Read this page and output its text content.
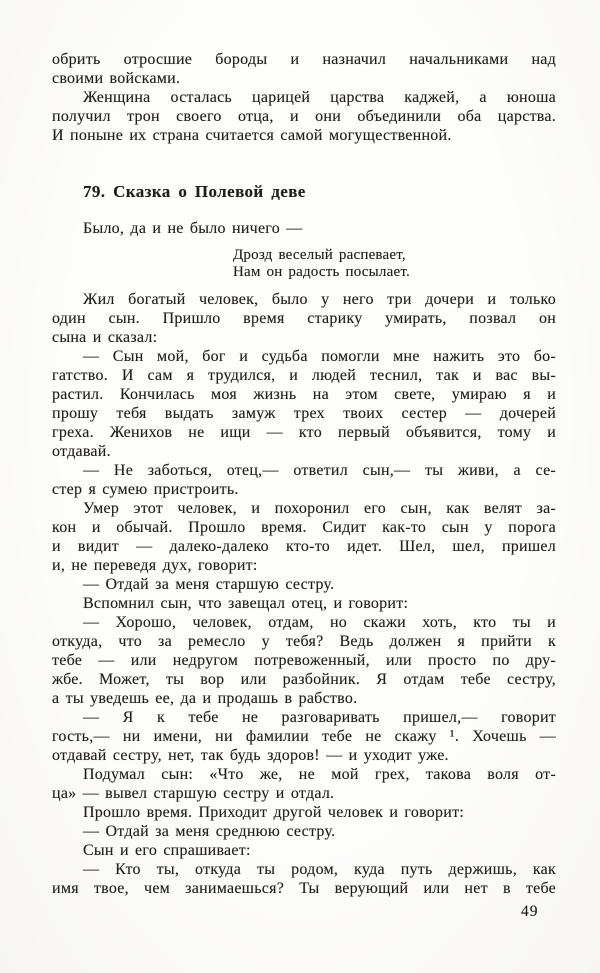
обрить отросшие бороды и назначил начальниками над
своими войсками.
Женщина осталась царицей царства каджей, а юноша
получил трон своего отца, и они объединили оба царства.
И поныне их страна считается самой могущественной.
79. Сказка о Полевой деве
Было, да и не было ничего —
Дрозд веселый распевает,
Нам он радость посылает.
Жил богатый человек, было у него три дочери и только
один сын. Пришло время старику умирать, позвал он
сына и сказал:
— Сын мой, бог и судьба помогли мне нажить это бо-
гатство. И сам я трудился, и людей теснил, так и вас вы-
растил. Кончилась моя жизнь на этом свете, умираю я и
прошу тебя выдать замуж трех твоих сестер — дочерей
греха. Женихов не ищи — кто первый объявится, тому и
отдавай.
— Не заботься, отец,— ответил сын,— ты живи, а се-
стер я сумею пристроить.
Умер этот человек, и похоронил его сын, как велят за-
кон и обычай. Прошло время. Сидит как-то сын у порога
и видит — далеко-далеко кто-то идет. Шел, шел, пришел
и, не переведя дух, говорит:
— Отдай за меня старшую сестру.
Вспомнил сын, что завещал отец, и говорит:
— Хорошо, человек, отдам, но скажи хоть, кто ты и
откуда, что за ремесло у тебя? Ведь должен я прийти к
тебе — или недругом потревоженный, или просто по дру-
жбе. Может, ты вор или разбойник. Я отдам тебе сестру,
а ты уведешь ее, да и продашь в рабство.
— Я к тебе не разговаривать пришел,— говорит
гость,— ни имени, ни фамилии тебе не скажу ¹. Хочешь —
отдавай сестру, нет, так будь здоров! — и уходит уже.
Подумал сын: «Что же, не мой грех, такова воля от-
ца» — вывел старшую сестру и отдал.
Прошло время. Приходит другой человек и говорит:
— Отдай за меня среднюю сестру.
Сын и его спрашивает:
— Кто ты, откуда ты родом, куда путь держишь, как
имя твое, чем занимаешься? Ты верующий или нет в тебе
49
